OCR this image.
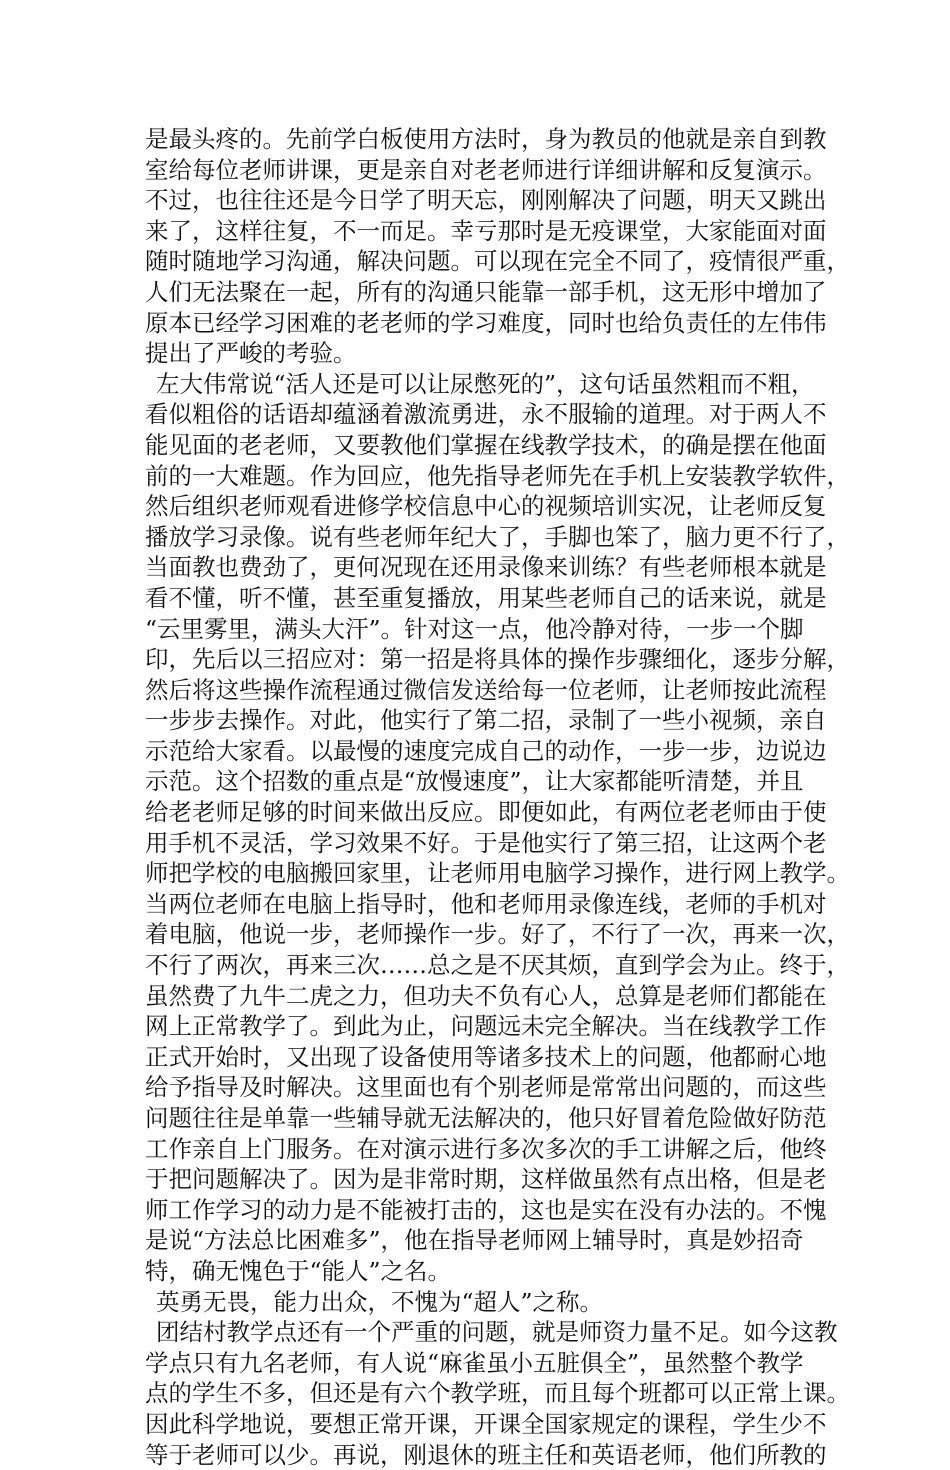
是最头疼的。先前学白板使用方法时，身为教员的他就是亲自到教
室给每位老师讲课，更是亲自对老老师进行详细讲解和反复演示。
不过，也往往还是今日学了明天忘，刚刚解决了问题，明天又跳出
来了，这样往复，不一而足。幸亏那时是无疫课堂，大家能面对面
随时随地学习沟通，解决问题。可以现在完全不同了，疫情很严重，
人们无法聚在一起，所有的沟通只能靠一部手机，这无形中增加了
原本已经学习困难的老老师的学习难度，同时也给负责任的左伟伟
提出了严峻的考验。
左大伟常说“活人还是可以让尿憋死的”，这句话虽然粗而不粗，
看似粗俗的话语却蕴涵着激流勇进，永不服输的道理。对于两人不
能见面的老老师，又要教他们掌握在线教学技术，的确是摆在他面
前的一大难题。作为回应，他先指导老师先在手机上安装教学软件，
然后组织老师观看进修学校信息中心的视频培训实况，让老师反复
播放学习录像。说有些老师年纪大了，手脚也笨了，脑力更不行了，
当面教也费劲了，更何况现在还用录像来训练？有些老师根本就是
看不懂，听不懂，甚至重复播放，用某些老师自己的话来说，就是
“云里雾里，满头大汗”。针对这一点，他冷静对待，一步一个脚
印，先后以三招应对：第一招是将具体的操作步骤细化，逐步分解，
然后将这些操作流程通过微信发送给每一位老师，让老师按此流程
一步步去操作。对此，他实行了第二招，录制了一些小视频，亲自
示范给大家看。以最慢的速度完成自己的动作，一步一步，边说边
示范。这个招数的重点是“放慢速度”，让大家都能听清楚，并且
给老老师足够的时间来做出反应。即便如此，有两位老老师由于使
用手机不灵活，学习效果不好。于是他实行了第三招，让这两个老
师把学校的电脑搬回家里，让老师用电脑学习操作，进行网上教学。
当两位老师在电脑上指导时，他和老师用录像连线，老师的手机对
着电脑，他说一步，老师操作一步。好了，不行了一次，再来一次，
不行了两次，再来三次……总之是不厌其烦，直到学会为止。终于，
虽然费了九牛二虎之力，但功夫不负有心人，总算是老师们都能在
网上正常教学了。到此为止，问题远未完全解决。当在线教学工作
正式开始时，又出现了设备使用等诸多技术上的问题，他都耐心地
给予指导及时解决。这里面也有个别老师是常常出问题的，而这些
问题往往是单靠一些辅导就无法解决的，他只好冒着危险做好防范
工作亲自上门服务。在对演示进行多次多次的手工讲解之后，他终
于把问题解决了。因为是非常时期，这样做虽然有点出格，但是老
师工作学习的动力是不能被打击的，这也是实在没有办法的。不愧
是说“方法总比困难多”，他在指导老师网上辅导时，真是妙招奇
特，确无愧色于“能人”之名。
英勇无畏，能力出众，不愧为“超人”之称。
团结村教学点还有一个严重的问题，就是师资力量不足。如今这教
学点只有九名老师，有人说“麻雀虽小五脏俱全”，虽然整个教学
点的学生不多，但还是有六个教学班，而且每个班都可以正常上课。
因此科学地说，要想正常开课，开课全国家规定的课程，学生少不
等于老师可以少。再说，刚退休的班主任和英语老师，他们所教的
